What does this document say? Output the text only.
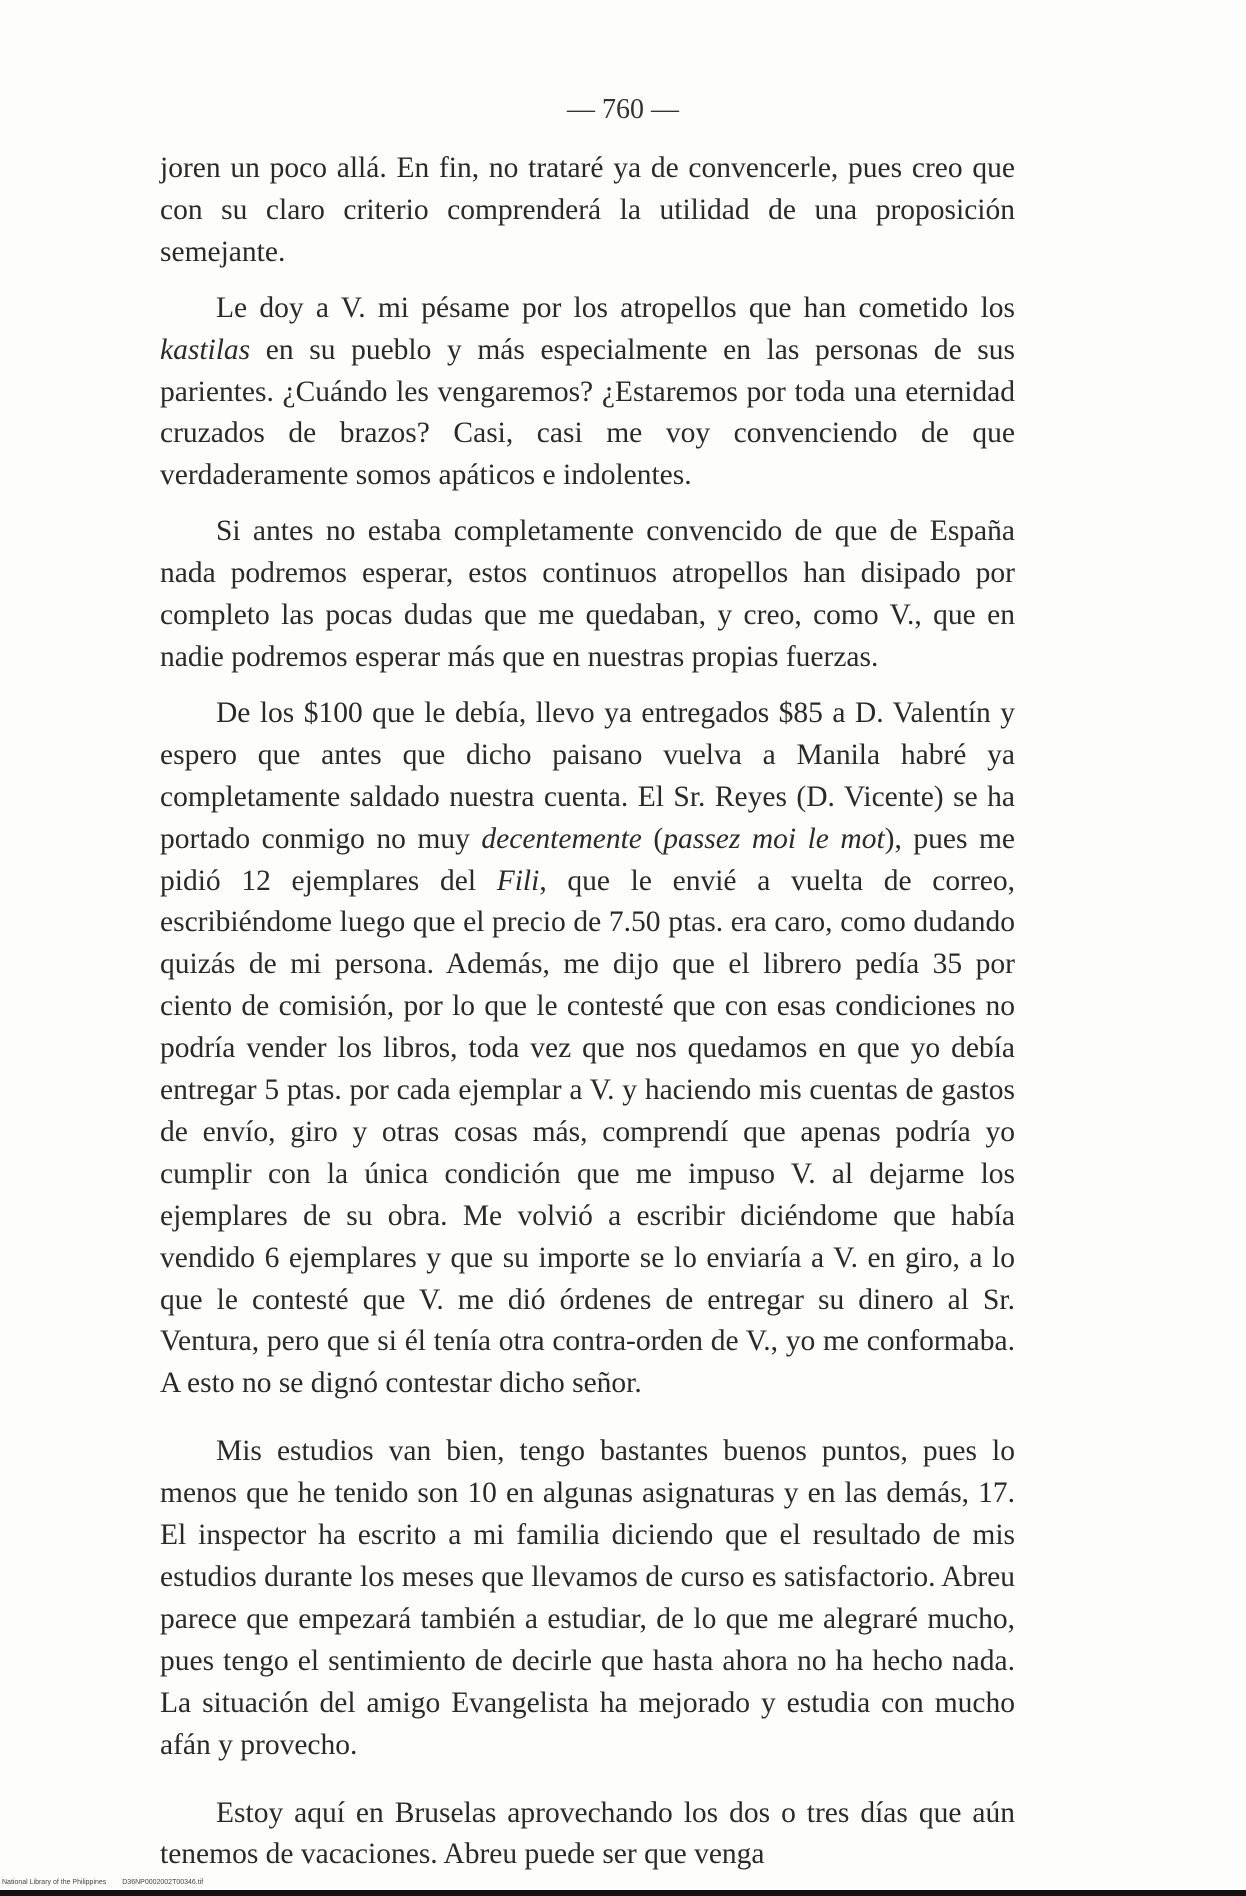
— 760 —

joren un poco allá. En fin, no trataré ya de convencerle, pues creo que con su claro criterio comprenderá la utilidad de una proposición semejante.

Le doy a V. mi pésame por los atropellos que han cometido los kastilas en su pueblo y más especialmente en las personas de sus parientes. ¿Cuándo les vengaremos? ¿Estaremos por toda una eternidad cruzados de brazos? Casi, casi me voy convenciendo de que verdaderamente somos apáticos e indolentes.

Si antes no estaba completamente convencido de que de España nada podremos esperar, estos continuos atropellos han disipado por completo las pocas dudas que me quedaban, y creo, como V., que en nadie podremos esperar más que en nuestras propias fuerzas.

De los $100 que le debía, llevo ya entregados $85 a D. Valentín y espero que antes que dicho paisano vuelva a Manila habré ya completamente saldado nuestra cuenta. El Sr. Reyes (D. Vicente) se ha portado conmigo no muy decentemente (passez moi le mot), pues me pidió 12 ejemplares del Fili, que le envié a vuelta de correo, escribiéndome luego que el precio de 7.50 ptas. era caro, como dudando quizás de mi persona. Además, me dijo que el librero pedía 35 por ciento de comisión, por lo que le contesté que con esas condiciones no podría vender los libros, toda vez que nos quedamos en que yo debía entregar 5 ptas. por cada ejemplar a V. y haciendo mis cuentas de gastos de envío, giro y otras cosas más, comprendí que apenas podría yo cumplir con la única condición que me impuso V. al dejarme los ejemplares de su obra. Me volvió a escribir diciéndome que había vendido 6 ejemplares y que su importe se lo enviaría a V. en giro, a lo que le contesté que V. me dió órdenes de entregar su dinero al Sr. Ventura, pero que si él tenía otra contra-orden de V., yo me conformaba. A esto no se dignó contestar dicho señor.

Mis estudios van bien, tengo bastantes buenos puntos, pues lo menos que he tenido son 10 en algunas asignaturas y en las demás, 17. El inspector ha escrito a mi familia diciendo que el resultado de mis estudios durante los meses que llevamos de curso es satisfactorio. Abreu parece que empezará también a estudiar, de lo que me alegraré mucho, pues tengo el sentimiento de decirle que hasta ahora no ha hecho nada. La situación del amigo Evangelista ha mejorado y estudia con mucho afán y provecho.

Estoy aquí en Bruselas aprovechando los dos o tres días que aún tenemos de vacaciones. Abreu puede ser que venga

National Library of the Philippines D36NP0002002T00346.tif
